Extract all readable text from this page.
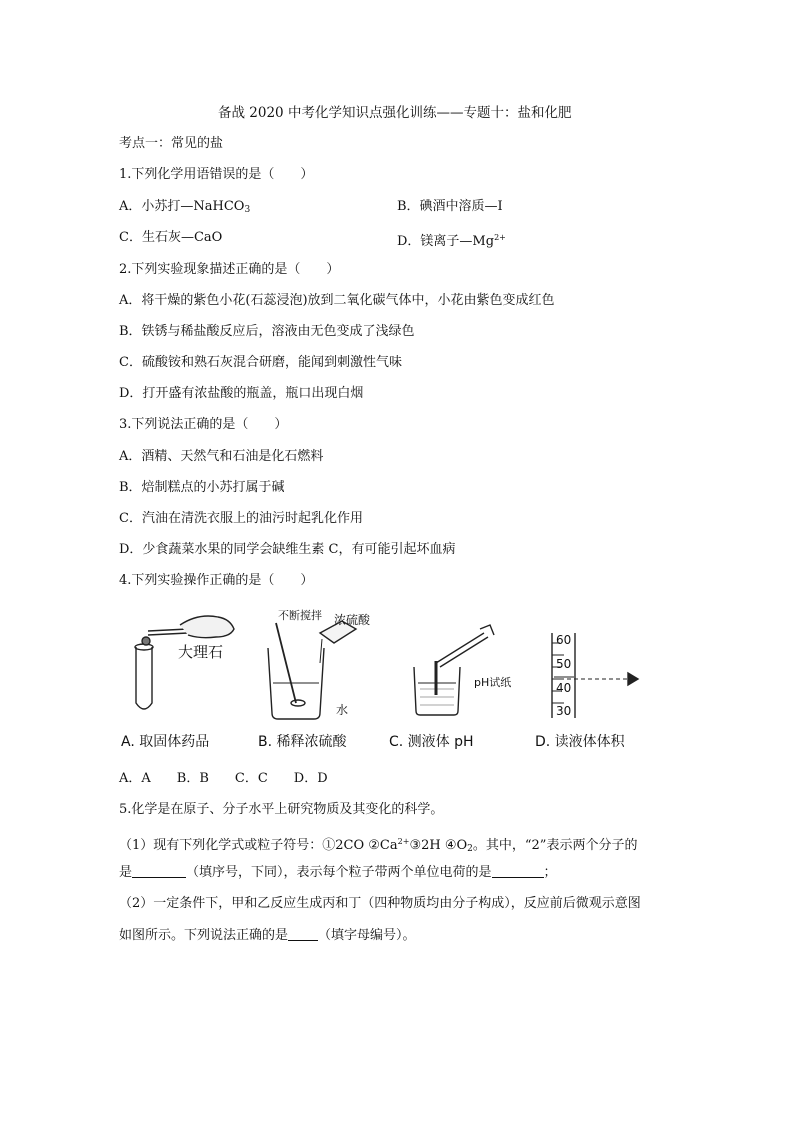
备战 2020 中考化学知识点强化训练——专题十：盐和化肥
考点一：常见的盐
1.下列化学用语错误的是（　　）
A．小苏打—NaHCO$_3$	B．碘酒中溶质—I
C．生石灰—CaO	D．镁离子$—Mg^{2+}$
2.下列实验现象描述正确的是（　　）
A．将干燥的紫色小花(石蕊浸泡)放到二氧化碳气体中，小花由紫色变成红色
B．铁锈与稀盐酸反应后，溶液由无色变成了浅绿色
C．硫酸铵和熟石灰混合研磨，能闻到刺激性气味
D．打开盛有浓盐酸的瓶盖，瓶口出现白烟
3.下列说法正确的是（　　）
A．酒精、天然气和石油是化石燃料
B．焙制糕点的小苏打属于碱
C．汽油在清洗衣服上的油污时起乳化作用
D．少食蔬菜水果的同学会缺维生素 C，有可能引起坏血病
4.下列实验操作正确的是（　　）
大理石
不断搅拌 浓硫酸
水
pH试纸
60
50
40
30
A. 取固体药品	B. 稀释浓硫酸	C. 测液体 pH	D. 读液体体积
A．A　　B．B　　C．C　　D．D
5.化学是在原子、分子水平上研究物质及其变化的科学。
（1）现有下列化学式或粒子符号：①2CO $②Ca^{2+}③2H$ $④O_2$。其中，“2”表示两个分子的
是	（填序号，下同），表示每个粒子带两个单位电荷的是	；
（2）一定条件下，甲和乙反应生成丙和丁（四种物质均由分子构成），反应前后微观示意图
如图所示。下列说法正确的是 （填字母编号）。
